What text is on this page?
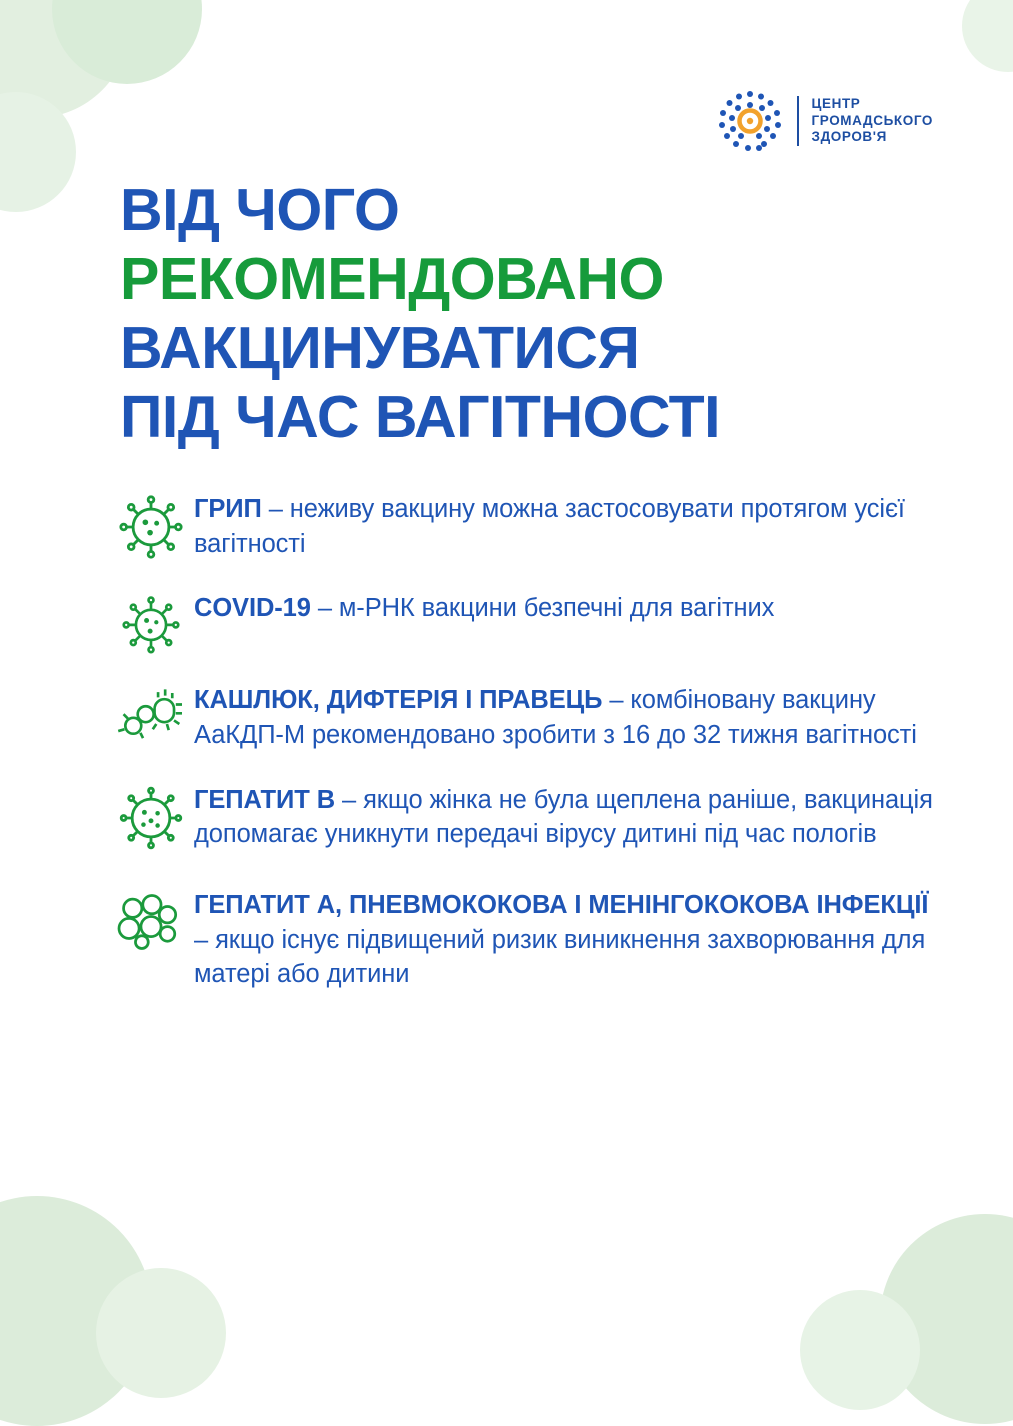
ЦЕНТР
ГРОМАДСЬКОГО
ЗДОРОВ'Я
ВІД ЧОГО
РЕКОМЕНДОВАНО
ВАКЦИНУВАТИСЯ
ПІД ЧАС ВАГІТНОСТІ
ГРИП – неживу вакцину можна застосовувати протягом усієї вагітності
COVID-19 – м-РНК вакцини безпечні для вагітних
КАШЛЮК, ДИФТЕРІЯ І ПРАВЕЦЬ – комбіновану вакцину АаКДП-М рекомендовано зробити з 16 до 32 тижня вагітності
ГЕПАТИТ В – якщо жінка не була щеплена раніше, вакцинація допомагає уникнути передачі вірусу дитині під час пологів
ГЕПАТИТ А, ПНЕВМОКОКОВА І МЕНІНГОКОКОВА ІНФЕКЦІЇ – якщо існує підвищений ризик виникнення захворювання для матері або дитини
